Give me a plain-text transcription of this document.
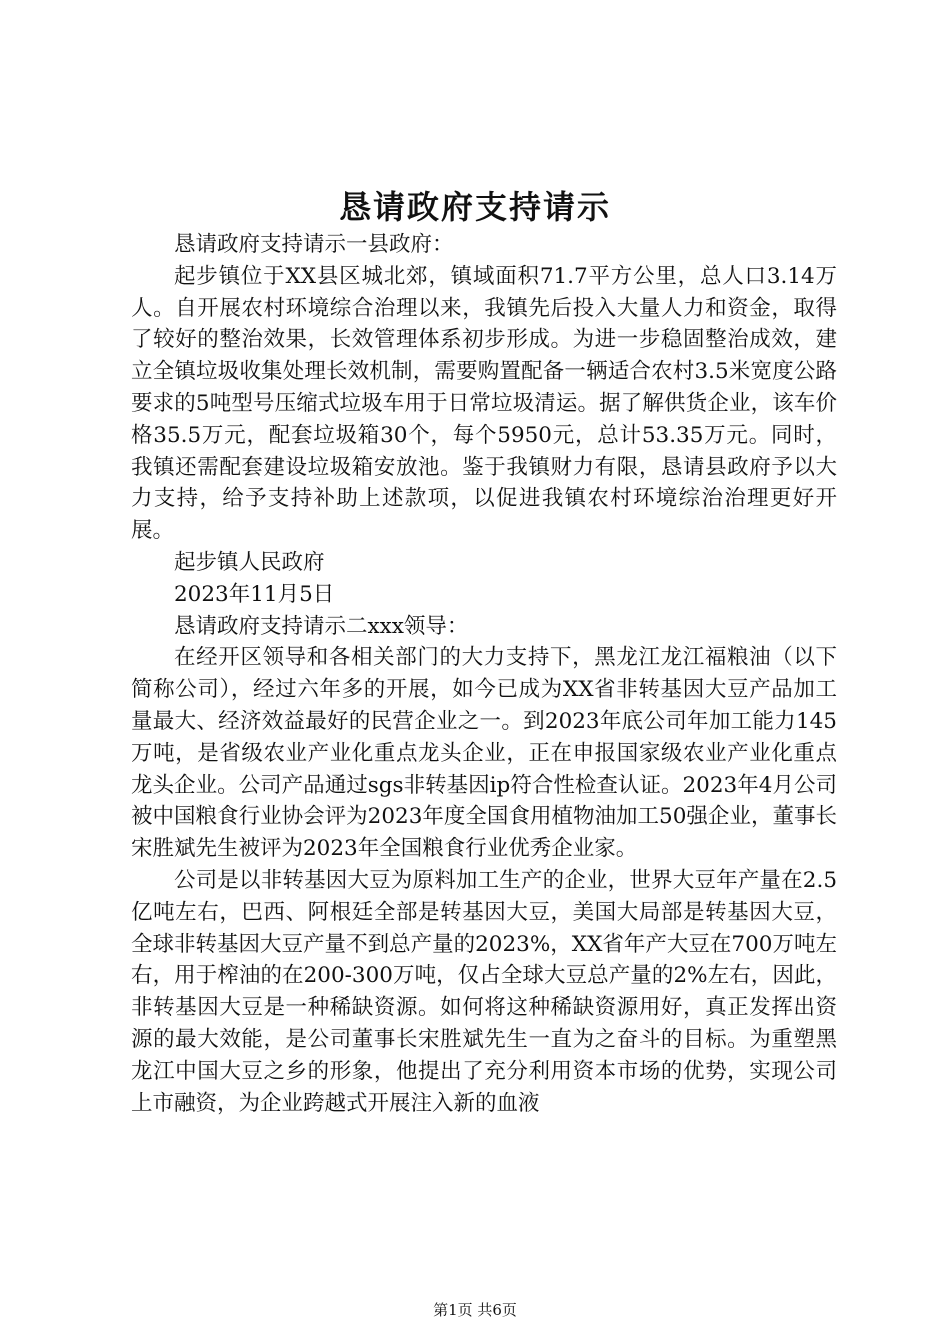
恳请政府支持请示

恳请政府支持请示一县政府：

起步镇位于XX县区城北郊，镇域面积71.7平方公里，总人口3.14万人。自开展农村环境综合治理以来，我镇先后投入大量人力和资金，取得了较好的整治效果，长效管理体系初步形成。为进一步稳固整治成效，建立全镇垃圾收集处理长效机制，需要购置配备一辆适合农村3.5米宽度公路要求的5吨型号压缩式垃圾车用于日常垃圾清运。据了解供货企业，该车价格35.5万元，配套垃圾箱30个，每个5950元，总计53.35万元。同时，我镇还需配套建设垃圾箱安放池。鉴于我镇财力有限，恳请县政府予以大力支持，给予支持补助上述款项，以促进我镇农村环境综治治理更好开展。

起步镇人民政府

2023年11月5日

恳请政府支持请示二xxx领导：

在经开区领导和各相关部门的大力支持下，黑龙江龙江福粮油（以下简称公司），经过六年多的开展，如今已成为XX省非转基因大豆产品加工量最大、经济效益最好的民营企业之一。到2023年底公司年加工能力145万吨，是省级农业产业化重点龙头企业，正在申报国家级农业产业化重点龙头企业。公司产品通过sgs非转基因ip符合性检查认证。2023年4月公司被中国粮食行业协会评为2023年度全国食用植物油加工50强企业，董事长宋胜斌先生被评为2023年全国粮食行业优秀企业家。

公司是以非转基因大豆为原料加工生产的企业，世界大豆年产量在2.5亿吨左右，巴西、阿根廷全部是转基因大豆，美国大局部是转基因大豆，全球非转基因大豆产量不到总产量的2023%，XX省年产大豆在700万吨左右，用于榨油的在200-300万吨，仅占全球大豆总产量的2%左右，因此，非转基因大豆是一种稀缺资源。如何将这种稀缺资源用好，真正发挥出资源的最大效能，是公司董事长宋胜斌先生一直为之奋斗的目标。为重塑黑龙江中国大豆之乡的形象，他提出了充分利用资本市场的优势，实现公司上市融资，为企业跨越式开展注入新的血液

第1页 共6页
